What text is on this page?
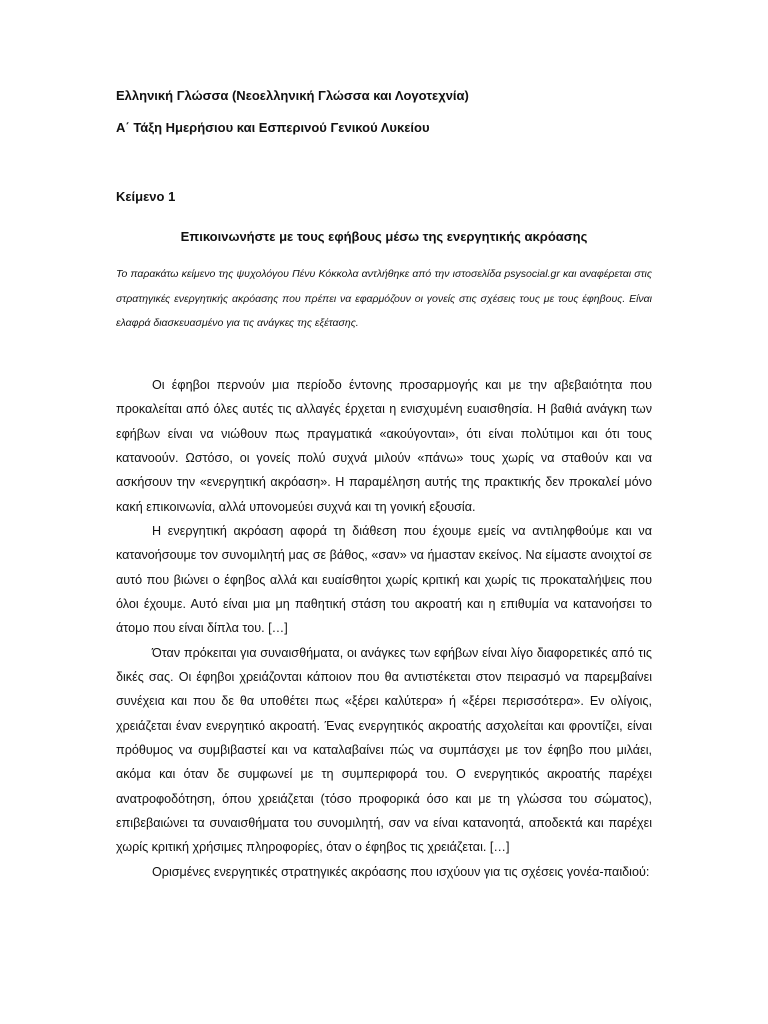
Ελληνική Γλώσσα (Νεοελληνική Γλώσσα και Λογοτεχνία)
Α΄ Τάξη Ημερήσιου και Εσπερινού Γενικού Λυκείου
Κείμενο 1
Επικοινωνήστε με τους εφήβους μέσω της ενεργητικής ακρόασης
Το παρακάτω κείμενο της ψυχολόγου Πένυ Κόκκολα αντλήθηκε από την ιστοσελίδα psysocial.gr και αναφέρεται στις στρατηγικές ενεργητικής ακρόασης που πρέπει να εφαρμόζουν οι γονείς στις σχέσεις τους με τους έφηβους. Είναι ελαφρά διασκευασμένο για τις ανάγκες της εξέτασης.

Οι έφηβοι περνούν μια περίοδο έντονης προσαρμογής και με την αβεβαιότητα που προκαλείται από όλες αυτές τις αλλαγές έρχεται η ενισχυμένη ευαισθησία. Η βαθιά ανάγκη των εφήβων είναι να νιώθουν πως πραγματικά «ακούγονται», ότι είναι πολύτιμοι και ότι τους κατανοούν. Ωστόσο, οι γονείς πολύ συχνά μιλούν «πάνω» τους χωρίς να σταθούν και να ασκήσουν την «ενεργητική ακρόαση». Η παραμέληση αυτής της πρακτικής δεν προκαλεί μόνο κακή επικοινωνία, αλλά υπονομεύει συχνά και τη γονική εξουσία.

Η ενεργητική ακρόαση αφορά τη διάθεση που έχουμε εμείς να αντιληφθούμε και να κατανοήσουμε τον συνομιλητή μας σε βάθος, «σαν» να ήμασταν εκείνος. Να είμαστε ανοιχτοί σε αυτό που βιώνει ο έφηβος αλλά και ευαίσθητοι χωρίς κριτική και χωρίς τις προκαταλήψεις που όλοι έχουμε. Αυτό είναι μια μη παθητική στάση του ακροατή και η επιθυμία να κατανοήσει το άτομο που είναι δίπλα του. […]

Όταν πρόκειται για συναισθήματα, οι ανάγκες των εφήβων είναι λίγο διαφορετικές από τις δικές σας. Οι έφηβοι χρειάζονται κάποιον που θα αντιστέκεται στον πειρασμό να παρεμβαίνει συνέχεια και που δε θα υποθέτει πως «ξέρει καλύτερα» ή «ξέρει περισσότερα». Εν ολίγοις, χρειάζεται έναν ενεργητικό ακροατή. Ένας ενεργητικός ακροατής ασχολείται και φροντίζει, είναι πρόθυμος να συμβιβαστεί και να καταλαβαίνει πώς να συμπάσχει με τον έφηβο που μιλάει, ακόμα και όταν δε συμφωνεί με τη συμπεριφορά του. Ο ενεργητικός ακροατής παρέχει ανατροφοδότηση, όπου χρειάζεται (τόσο προφορικά όσο και με τη γλώσσα του σώματος), επιβεβαιώνει τα συναισθήματα του συνομιλητή, σαν να είναι κατανοητά, αποδεκτά και παρέχει χωρίς κριτική χρήσιμες πληροφορίες, όταν ο έφηβος τις χρειάζεται. […]

Ορισμένες ενεργητικές στρατηγικές ακρόασης που ισχύουν για τις σχέσεις γονέα-παιδιού:
